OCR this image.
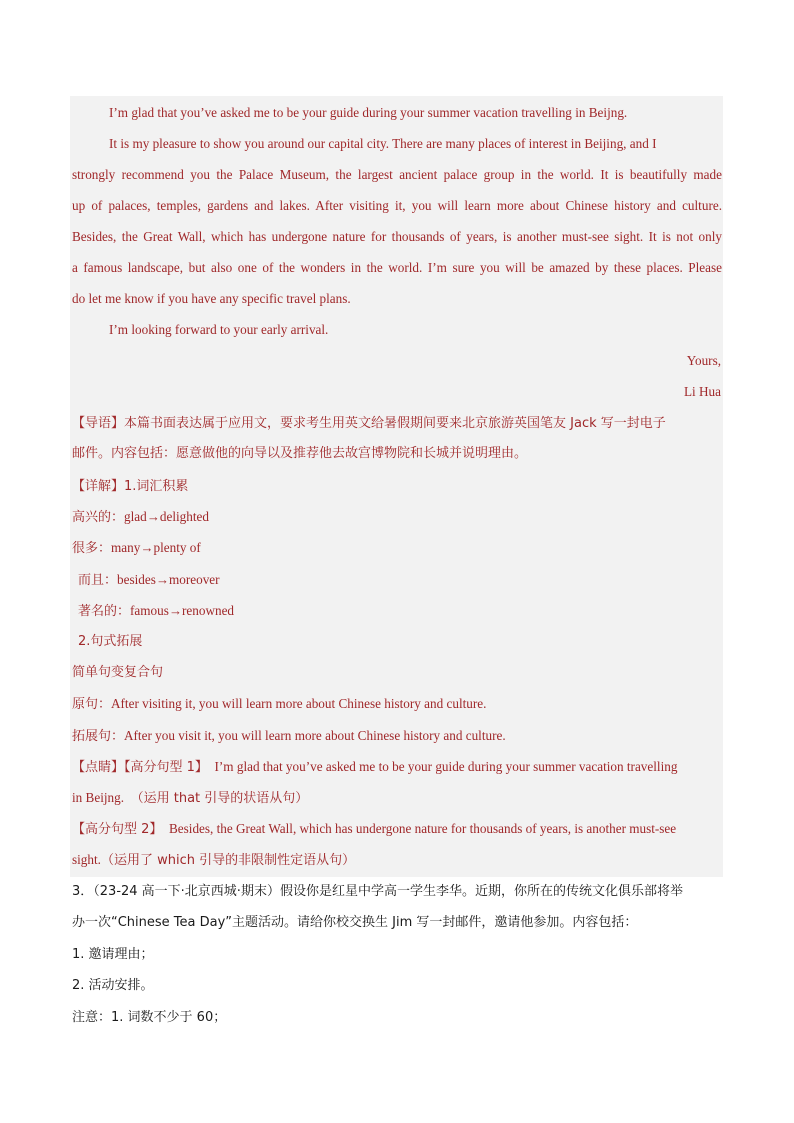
I’m glad that you’ve asked me to be your guide during your summer vacation travelling in Beijng.
It is my pleasure to show you around our capital city. There are many places of interest in Beijing, and I
strongly recommend you the Palace Museum, the largest ancient palace group in the world. It is beautifully made
up of palaces, temples, gardens and lakes. After visiting it, you will learn more about Chinese history and culture.
Besides, the Great Wall, which has undergone nature for thousands of years, is another must-see sight. It is not only
a famous landscape, but also one of the wonders in the world. I’m sure you will be amazed by these places. Please
do let me know if you have any specific travel plans.
I’m looking forward to your early arrival.
Yours,
Li Hua
【导语】本篇书面表达属于应用文，要求考生用英文给暑假期间要来北京旅游英国笔友 Jack 写一封电子
邮件。内容包括：愿意做他的向导以及推荐他去故宫博物院和长城并说明理由。
【详解】1.词汇积累
高兴的：glad→delighted
很多：many→plenty of
而且：besides→moreover
著名的：famous→renowned
2.句式拓展
简单句变复合句
原句：After visiting it, you will learn more about Chinese history and culture.
拓展句：After you visit it, you will learn more about Chinese history and culture.
【点睛】【高分句型 1】 I’m glad that you’ve asked me to be your guide during your summer vacation travelling
in Beijng. （运用 that 引导的状语从句）
【高分句型 2】 Besides, the Great Wall, which has undergone nature for thousands of years, is another must-see
sight.（运用了 which 引导的非限制性定语从句）
3．（23-24 高一下·北京西城·期末）假设你是红星中学高一学生李华。近期，你所在的传统文化俱乐部将举
办一次“Chinese Tea Day”主题活动。请给你校交换生 Jim 写一封邮件，邀请他参加。内容包括：
1. 邀请理由；
2. 活动安排。
注意：1. 词数不少于 60；
